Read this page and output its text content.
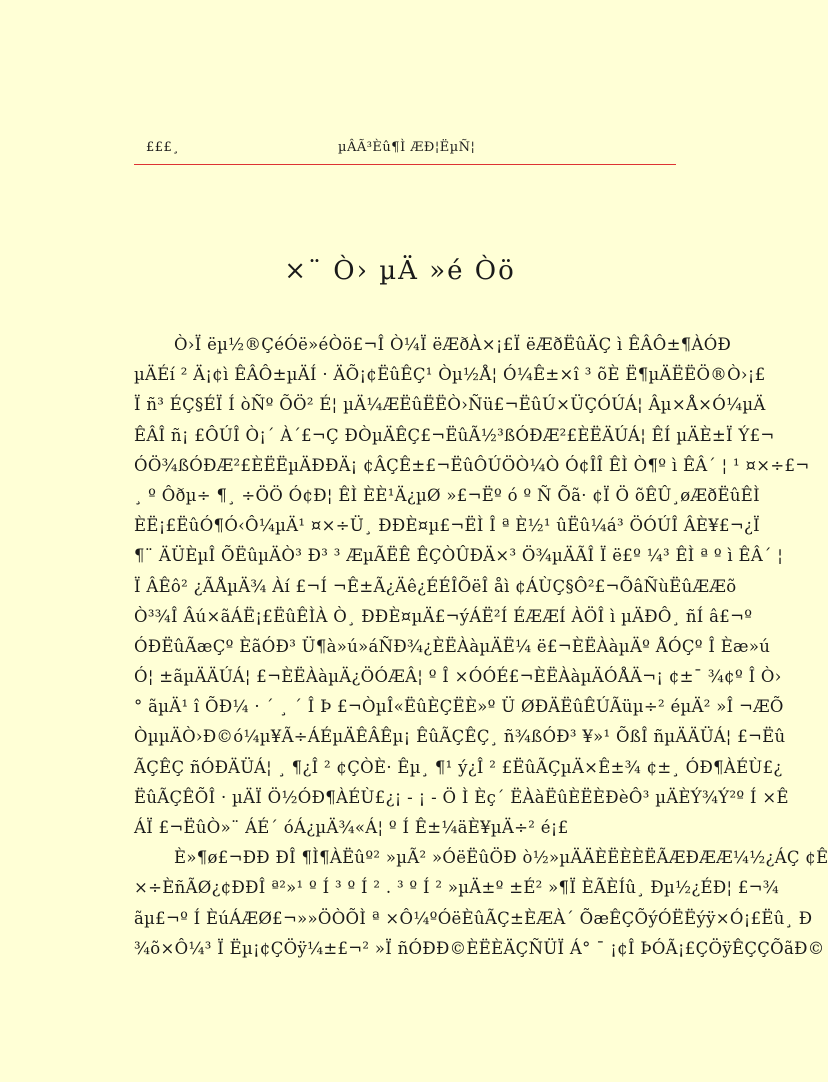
£££¸	µÂÃ³Èû¶Ì ÆÐ¦ËµÑ¦
×¨ Ò› µÄ »é Òö
Ò›Ï ëµ½®ÇéÓë»éÒö£¬Î Ò¼Ï ëÆðÀ×¡£Ï ëÆðËûÄÇ ì ÊÂÔ±¶ÀÓÐ
µÄÉí ² Ä¡¢ì ÊÂÔ±µÄÍ · ÄÕ¡¢ËûÊÇ¹ Òµ½Å¦ Ó¼Ê±×î ³ õÈ Ë¶µÄËËÖ®Ò›¡£
Ï ñ³ ÉÇ§ÉÏ Í òÑº ÕÖ² É¦ µÄ¼ÆËûËËÒ›Ñü£¬ËûÚ×ÜÇÓÚÁ¦ Âµ×Å×Ó¼µÄ
ÊÂÎ ñ¡ £ÔÚÎ Ò¡´ À´£¬Ç ÐÒµÄÊÇ£¬ËûÃ½³ßÓÐÆ²£ÈËÄÚÁ¦ ÊÍ µÄÈ±Ï Ý£¬
ÓÖ¾ßÓÐÆ²£ÈËËµÄÐÐÄ¡ ¢ÂÇÊ±£¬ËûÔÚÖÒ¼Ò Ó¢ÎÎ ÊÌ Ò¶º ì ÊÂ´ ¦ ¹ ¤×÷£¬
¸ º Ôðµ÷ ¶¸ ÷ÖÖ Ó¢Ð¦ ÊÌ ÈÈ¹Ä¿µØ »£¬Ëº ó º Ñ Õã· ¢Ï Ö õÊÛ¸øÆðËûÊÌ
ÈË¡£ËûÓ¶Ó‹Ô¼µÄ¹ ¤×÷Ü¸ ÐÐÈ¤µ£¬ËÌ Î ª È½¹ ûËû¼á³ ÖÓÚÎ ÂÈ¥£¬¿Ï
¶¨ ÄÜÈµÎ ÕËûµÄÒ³ Ð³ ³ ÆµÃËÊ ÊÇÒÛÐÄ×³ Ö¾µÄÃÎ Ï ë£º ¼³ ÊÌ ª º ì ÊÂ´ ¦
Ï ÂÊô² ¿ÃÅµÄ¾ Àí £¬Í ¬Ê±Ã¿Äê¿ÉÉÎÕëÎ åì ¢ÁÙÇ§Ô²£¬ÕâÑùËûÆÆõ
Ò³¾Î Âú×ãÁË¡£ËûÊÌÀ Ò¸ ÐÐÈ¤µÄ£¬ýÁË²Í ÉÆÆÍ ÀÖÎ ì µÄÐÔ¸ ñÍ â£¬º
ÓÐËûÃæÇº ÈãÓÐ³ Ü¶à»ú»áÑÐ¾¿ÈËÀàµÄË¼ ë£¬ÈËÀàµÄº ÅÓÇº Î Èæ»ú
Ó¦ ±ãµÄÄÚÁ¦ £¬ÈËÀàµÄ¿ÖÓÆÂ¦ º Î ×ÓÓÉ£¬ÈËÀàµÄÓÅÄ¬¡ ¢±¯ ¾¢º Î Ò›
° ãµÄ¹ î ÕÐ¼ · ´ ¸ ´ Î Þ £¬ÒµÎ«ËûÈÇËÈ»º Ü ØÐÄËûÊÚÃüµ÷² éµÄ² »Î ¬ÆÕ
ÒµµÄÒ›Ð©ó¼µ¥Ã÷ÁÉµÄÊÂÊµ¡ ÊûÃÇÊÇ¸ ñ¾ßÓÐ³ ¥»¹ ÕßÎ ñµÄÄÜÁ¦ £¬Ëû
ÃÇÊÇ ñÓÐÄÜÁ¦ ¸ ¶¿Î ² ¢ÇÒÈ· Êµ¸ ¶¹ ý¿Î ² £ËûÃÇµÄ×Ê±¾ ¢±¸ ÓÐ¶ÀÉÙ£¿
ËûÃÇÊÕÎ · µÄÏ Ö½ÓÐ¶ÀÉÙ£¿¡ - ¡ - Ö Ì Èç´ ËÀàËûÈËÈÐèÔ³ µÄÈÝ¾Ý²º Í ×Ê
ÁÏ £¬ËûÒ»¨ ÁÉ´ óÁ¿µÄ¾«Á¦ º Í Ê±¼äÈ¥µÄ÷² é¡£
È»¶ø£¬ÐÐ ÐÎ ¶Ì¶ÀËûº² »µÃ² »ÓëËûÖÐ ò½»µÄÄÈËÈÈËÃÆÐÆÆ¼½¿ÁÇ ¢Ê
×÷ÈñÃØ¿¢ÐÐÎ ª²»¹ º Í ³ º Í ² . ³ º Í ² »µÄ±º ±É² »¶Ï ÈÃÈÍû¸ Ðµ½¿ÉÐ¦ £¬¾
ãµ£¬º Í ÈúÁÆØ£¬»»ÖÒÕÌ ª ×Ô¼ºÓëÈûÃÇ±ÈÆÀ´ ÕæÊÇÕýÓËËýÿ×Ó¡£Ëû¸ Ð
¾õ×Ô¼³ Ï Ëµ¡¢ÇÖÿ¼±£¬² »Ï ñÓÐÐ©ÈËÈÄÇÑÜÏ Á° ¯ ¡¢Î ÞÓÃ¡£ÇÖÿÊÇÇÕãÐ©
